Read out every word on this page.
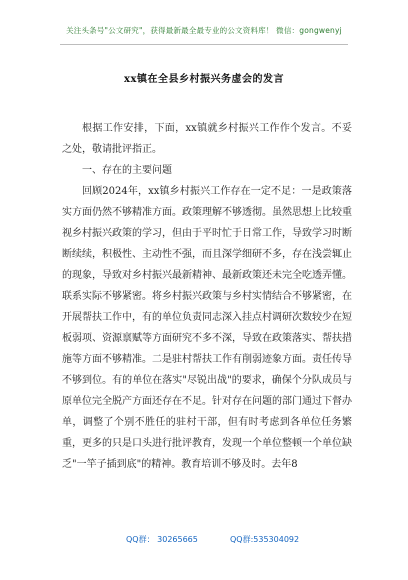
关注头条号"公文研究"，获得最新最全最专业的公文资料库！ 微信：gongwenyj
xx镇在全县乡村振兴务虚会的发言

根据工作安排，下面，xx镇就乡村振兴工作作个发言。不妥之处，敬请批评指正。

一、存在的主要问题

回顾2024年，xx镇乡村振兴工作存在一定不足：一是政策落实方面仍然不够精准方面。政策理解不够透彻。虽然思想上比较重视乡村振兴政策的学习，但由于平时忙于日常工作，导致学习时断断续续，积极性、主动性不强，而且深学细研不多，存在浅尝辄止的现象，导致对乡村振兴最新精神、最新政策还未完全吃透弄懂。联系实际不够紧密。将乡村振兴政策与乡村实情结合不够紧密，在开展帮扶工作中，有的单位负责同志深入挂点村调研次数较少在短板弱项、资源禀赋等方面研究不多不深，导致在政策落实、帮扶措施等方面不够精准。二是驻村帮扶工作有削弱迹象方面。责任传导不够到位。有的单位在落实"尽锐出战"的要求，确保个分队成员与原单位完全脱产方面还存在不足。针对存在问题的部门通过下督办单，调整了个别不胜任的驻村干部，但有时考虑到各单位任务繁重，更多的只是口头进行批评教育，发现一个单位整顿一个单位缺乏"一竿子插到底"的精神。教育培训不够及时。去年8

QQ群： 30265665	QQ群:535304092
